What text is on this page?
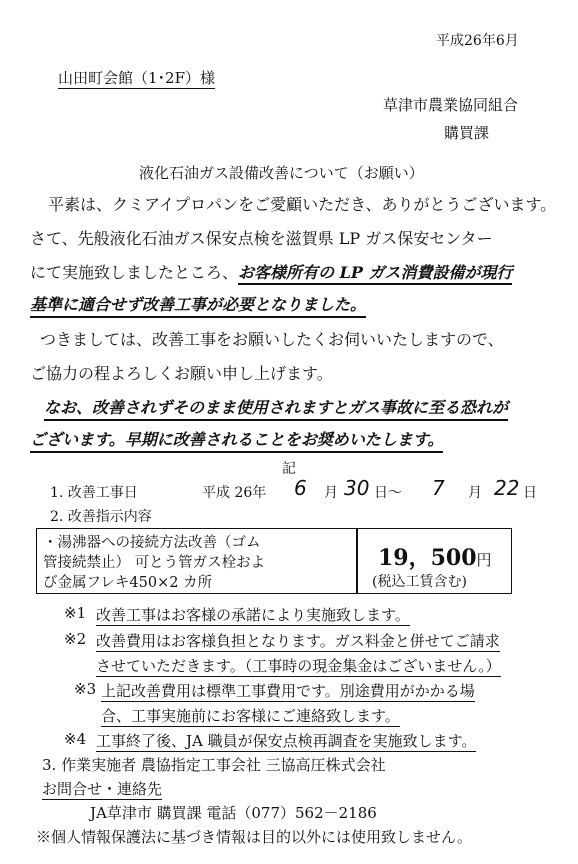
平成26年6月
山田町会館（1･2F）様
草津市農業協同組合
購買課
液化石油ガス設備改善について（お願い）
平素は、クミアイプロパンをご愛顧いただき、ありがとうございます。
さて、先般液化石油ガス保安点検を滋賀県 LP ガス保安センター
にて実施致しましたところ、お客様所有の LP ガス消費設備が現行
基準に適合せず改善工事が必要となりました。
つきましては、改善工事をお願いしたくお伺いいたしますので、
ご協力の程よろしくお願い申し上げます。
なお、改善されずそのまま使用されますとガス事故に至る恐れが
ございます。早期に改善されることをお奨めいたします。
記
1. 改善工事日	平成 26年 6 月 30 日～ 7 月 22 日
2. 改善指示内容
・湯沸器への接続方法改善（ゴム
管接続禁止） 可とう管ガス栓およ
び金属フレキ450×2 カ所
19，500円
(税込工賃含む)
※1 改善工事はお客様の承諾により実施致します。
※2 改善費用はお客様負担となります。ガス料金と併せてご請求
させていただきます。（工事時の現金集金はございません。）
※3 上記改善費用は標準工事費用です。別途費用がかかる場
合、工事実施前にお客様にご連絡致します。
※4 工事終了後、JA 職員が保安点検再調査を実施致します。
3. 作業実施者 農協指定工事会社 三協高圧株式会社
お問合せ・連絡先
JA草津市 購買課 電話（077）562－2186
※個人情報保護法に基づき情報は目的以外には使用致しません。
